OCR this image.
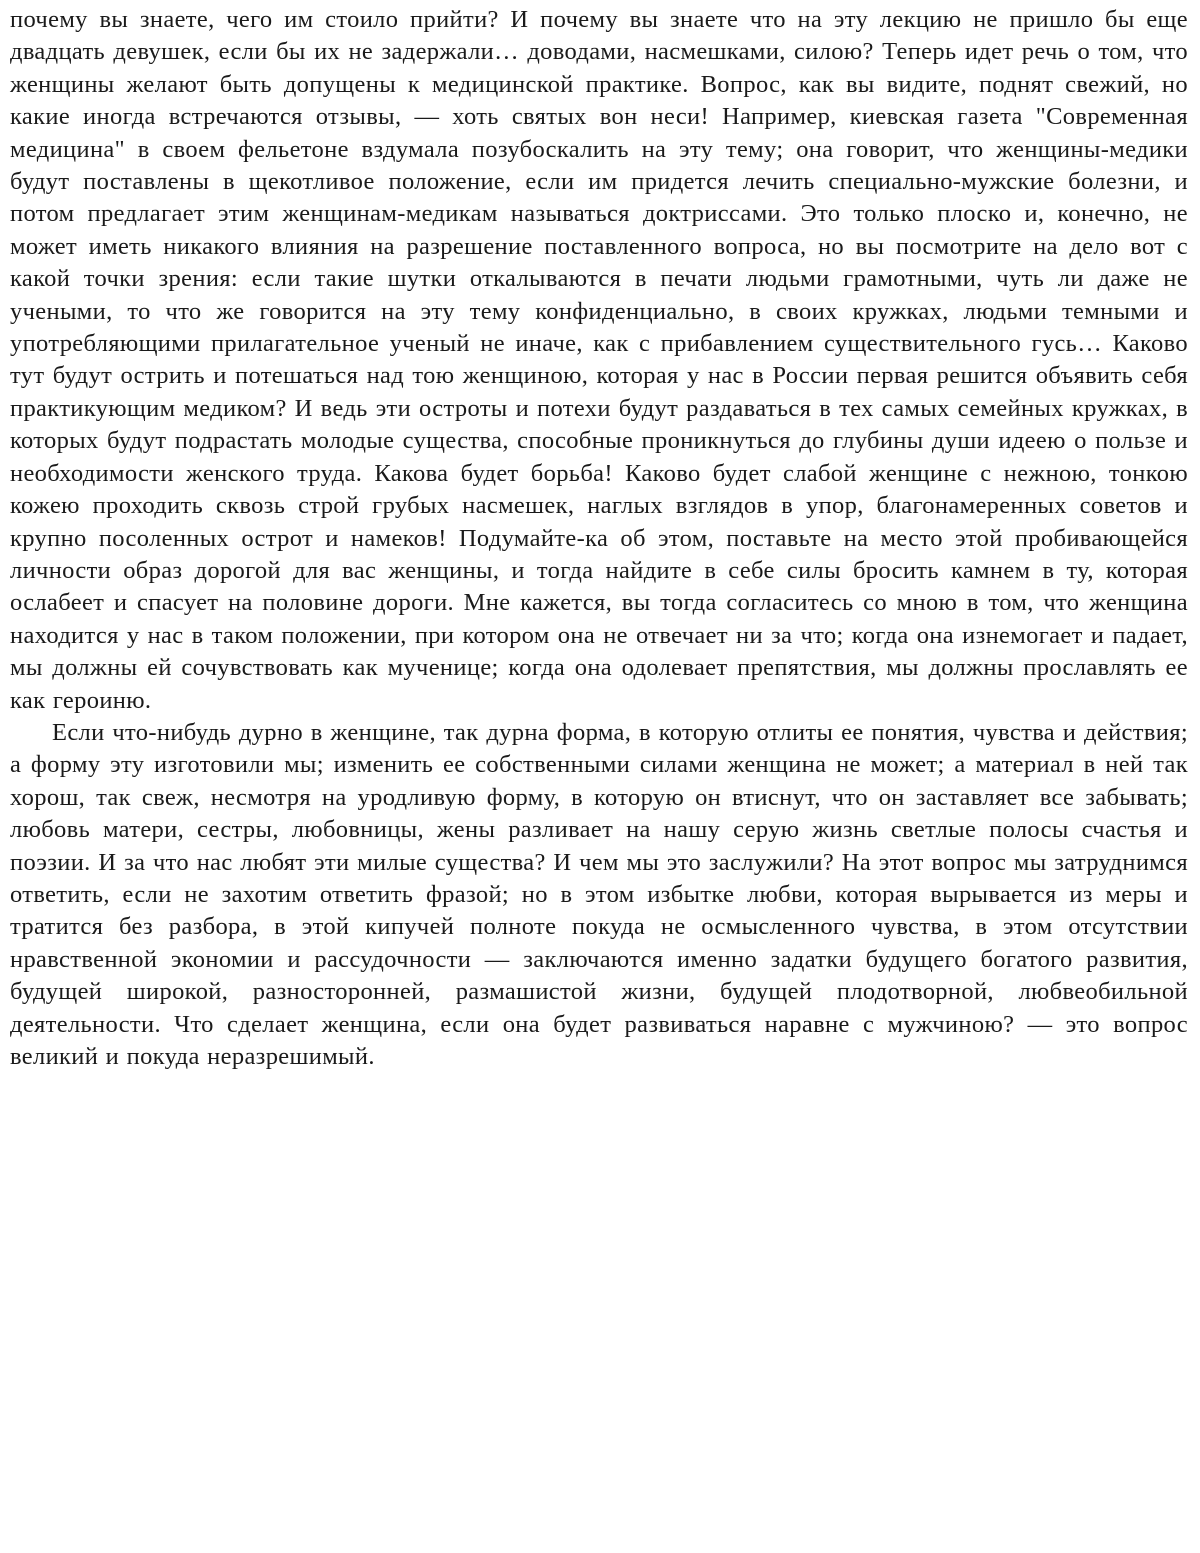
почему вы знаете, чего им стоило прийти? И почему вы знаете что на эту лекцию не пришло бы еще двадцать девушек, если бы их не задержали… доводами, насмешками, силою? Теперь идет речь о том, что женщины желают быть допущены к медицинской практике. Вопрос, как вы видите, поднят свежий, но какие иногда встречаются отзывы, — хоть святых вон неси! Например, киевская газета "Современная медицина" в своем фельетоне вздумала позубоскалить на эту тему; она говорит, что женщины-медики будут поставлены в щекотливое положение, если им придется лечить специально-мужские болезни, и потом предлагает этим женщинам-медикам называться доктриссами. Это только плоско и, конечно, не может иметь никакого влияния на разрешение поставленного вопроса, но вы посмотрите на дело вот с какой точки зрения: если такие шутки откалываются в печати людьми грамотными, чуть ли даже не учеными, то что же говорится на эту тему конфиденциально, в своих кружках, людьми темными и употребляющими прилагательное ученый не иначе, как с прибавлением существительного гусь… Каково тут будут острить и потешаться над тою женщиною, которая у нас в России первая решится объявить себя практикующим медиком? И ведь эти остроты и потехи будут раздаваться в тех самых семейных кружках, в которых будут подрастать молодые существа, способные проникнуться до глубины души идеею о пользе и необходимости женского труда. Какова будет борьба! Каково будет слабой женщине с нежною, тонкою кожею проходить сквозь строй грубых насмешек, наглых взглядов в упор, благонамеренных советов и крупно посоленных острот и намеков! Подумайте-ка об этом, поставьте на место этой пробивающейся личности образ дорогой для вас женщины, и тогда найдите в себе силы бросить камнем в ту, которая ослабеет и спасует на половине дороги. Мне кажется, вы тогда согласитесь со мною в том, что женщина находится у нас в таком положении, при котором она не отвечает ни за что; когда она изнемогает и падает, мы должны ей сочувствовать как мученице; когда она одолевает препятствия, мы должны прославлять ее как героиню.

Если что-нибудь дурно в женщине, так дурна форма, в которую отлиты ее понятия, чувства и действия; а форму эту изготовили мы; изменить ее собственными силами женщина не может; а материал в ней так хорош, так свеж, несмотря на уродливую форму, в которую он втиснут, что он заставляет все забывать; любовь матери, сестры, любовницы, жены разливает на нашу серую жизнь светлые полосы счастья и поэзии. И за что нас любят эти милые существа? И чем мы это заслужили? На этот вопрос мы затруднимся ответить, если не захотим ответить фразой; но в этом избытке любви, которая вырывается из меры и тратится без разбора, в этой кипучей полноте покуда не осмысленного чувства, в этом отсутствии нравственной экономии и рассудочности — заключаются именно задатки будущего богатого развития, будущей широкой, разносторонней, размашистой жизни, будущей плодотворной, любвеобильной деятельности. Что сделает женщина, если она будет развиваться наравне с мужчиною? — это вопрос великий и покуда неразрешимый.
